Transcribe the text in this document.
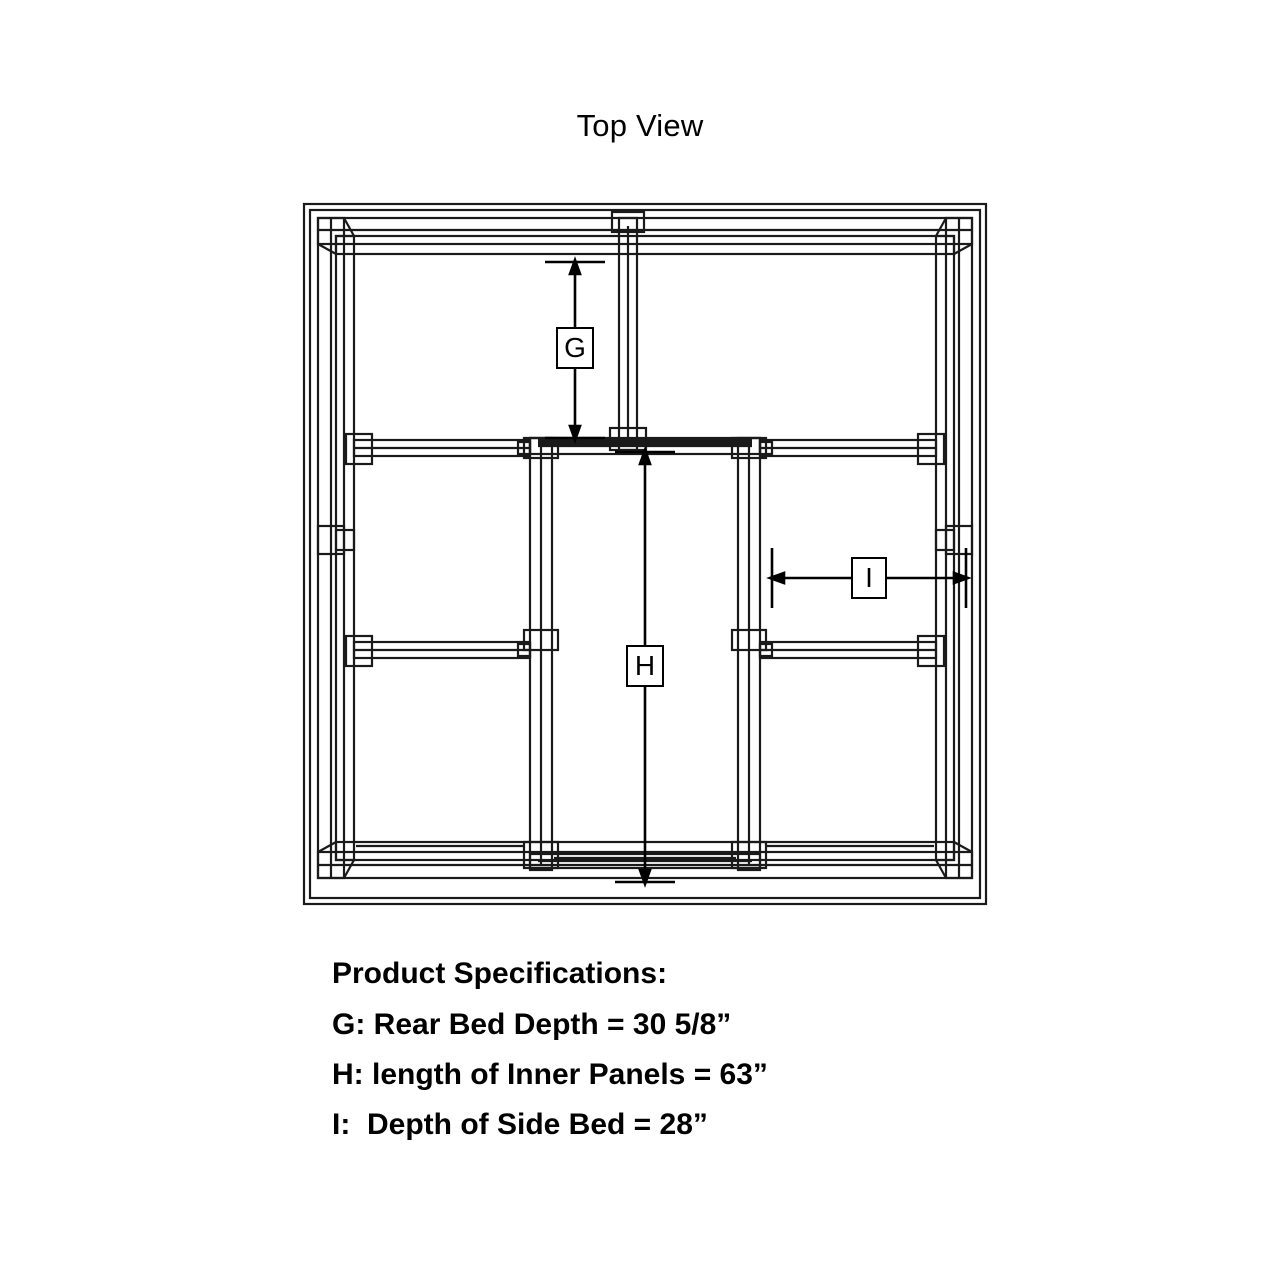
Top View
G
H
I
Product Specifications:
G: Rear Bed Depth = 30 5/8”
H: length of Inner Panels = 63”
I:  Depth of Side Bed = 28”
